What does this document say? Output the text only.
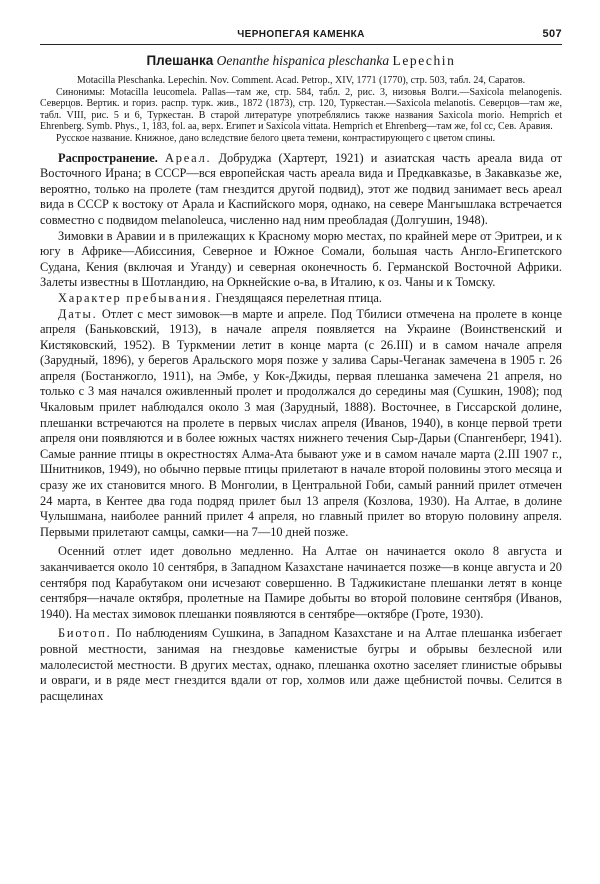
ЧЕРНОПЕГАЯ КАМЕНКА	507
Плешанка Oenanthe hispanica pleschanka Lepechin

Motacilla Pleschanka. Lepechin. Nov. Comment. Acad. Petrop., XIV, 1771 (1770), стр. 503, табл. 24, Саратов.

Синонимы: Motacilla leucomela. Pallas—там же, стр. 584, табл. 2, рис. 3, низовья Волги.—Saxicola melanogenis. Северцов. Вертик. и гориз. распр. турк. жив., 1872 (1873), стр. 120, Туркестан.—Saxicola melanotis. Северцов—там же, табл. VIII, рис. 5 и 6, Туркестан. В старой литературе употреблялись также названия Saxicola morio. Hemprich et Ehrenberg. Symb. Phys., 1, 183, fol. aa, верх. Египет и Saxicola vittata. Hemprich et Ehrenberg—там же, fol cc, Сев. Аравия.

Русское название. Книжное, дано вследствие белого цвета темени, контрастирующего с цветом спины.

Распространение. Ареал. Добруджа (Хартерт, 1921) и азиатская часть ареала вида от Восточного Ирана; в СССР—вся европейская часть ареала вида и Предкавказье, в Закавказье же, вероятно, только на пролете (там гнездится другой подвид), этот же подвид занимает весь ареал вида в СССР к востоку от Арала и Каспийского моря, однако, на севере Мангышлака встречается совместно с подвидом melanoleuca, численно над ним преобладая (Долгушин, 1948).

Зимовки в Аравии и в прилежащих к Красному морю местах, по крайней мере от Эритреи, и к югу в Африке—Абиссиния, Северное и Южное Сомали, большая часть Англо-Египетского Судана, Кения (включая и Уганду) и северная оконечность б. Германской Восточной Африки. Залеты известны в Шотландию, на Оркнейские о-ва, в Италию, к оз. Чаны и к Томску.

Характер пребывания. Гнездящаяся перелетная птица.

Даты. Отлет с мест зимовок—в марте и апреле. Под Тбилиси отмечена на пролете в конце апреля (Баньковский, 1913), в начале апреля появляется на Украине (Воинственский и Кистяковский, 1952). В Туркмении летит в конце марта (с 26.III) и в самом начале апреля (Зарудный, 1896), у берегов Аральского моря позже у залива Сары-Чеганак замечена в 1905 г. 26 апреля (Бостанжогло, 1911), на Эмбе, у Кок-Джиды, первая плешанка замечена 21 апреля, но только с 3 мая начался оживленный пролет и продолжался до середины мая (Сушкин, 1908); под Чкаловым прилет наблюдался около 3 мая (Зарудный, 1888). Восточнее, в Гиссарской долине, плешанки встречаются на пролете в первых числах апреля (Иванов, 1940), в конце первой трети апреля они появляются и в более южных частях нижнего течения Сыр-Дарьи (Спангенберг, 1941). Самые ранние птицы в окрестностях Алма-Ата бывают уже и в самом начале марта (2.III 1907 г., Шнитников, 1949), но обычно первые птицы прилетают в начале второй половины этого месяца и сразу же их становится много. В Монголии, в Центральной Гоби, самый ранний прилет отмечен 24 марта, в Кентее два года подряд прилет был 13 апреля (Козлова, 1930). На Алтае, в долине Чулышмана, наиболее ранний прилет 4 апреля, но главный прилет во вторую половину апреля. Первыми прилетают самцы, самки—на 7—10 дней позже.

Осенний отлет идет довольно медленно. На Алтае он начинается около 8 августа и заканчивается около 10 сентября, в Западном Казахстане начинается позже—в конце августа и 20 сентября под Карабутаком они исчезают совершенно. В Таджикистане плешанки летят в конце сентября—начале октября, пролетные на Памире добыты во второй половине сентября (Иванов, 1940). На местах зимовок плешанки появляются в сентябре—октябре (Гроте, 1930).

Биотоп. По наблюдениям Сушкина, в Западном Казахстане и на Алтае плешанка избегает ровной местности, занимая на гнездовье каменистые бугры и обрывы безлесной или малолесистой местности. В других местах, однако, плешанка охотно заселяет глинистые обрывы и овраги, и в ряде мест гнездится вдали от гор, холмов или даже щебнистой почвы. Селится в расщелинах
